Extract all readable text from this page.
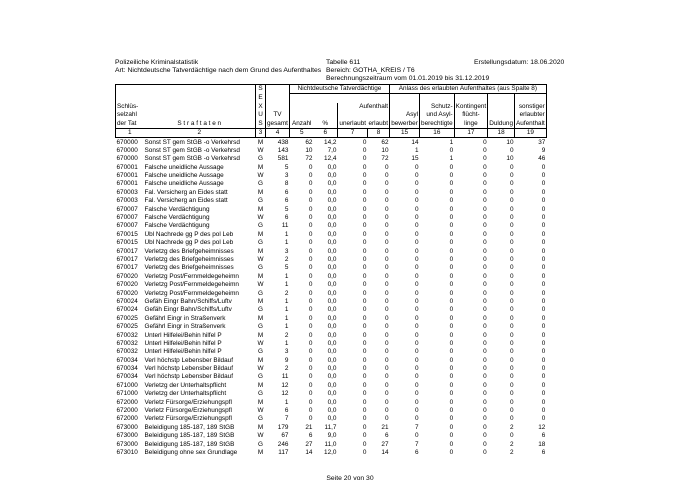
Polizeiliche Kriminalstatistik
Art: Nichtdeutsche Tatverdächtige nach dem Grund des Aufenthaltes
Tabelle 611
Bereich: GOTHA_KREIS / T6
Berechnungszeitraum vom 01.01.2019 bis 31.12.2019
Erstellungsdatum: 18.06.2020
		S		Nichtdeutsche Tatverdächtige				Anlass des erlaubten Aufenthaltes (aus Spalte 8)				
		E										
Schlüs-		X				Aufenthalt			Schutz-	Kontingent		sonstiger
selzahl		U	TV					Asyl	und Asyl-	flücht-		erlaubter
der Tat	S t r a f t a t e n	S	gesamt	Anzahl	%	unerlaubt	erlaubt	bewerber	berechtigte	linge	Duldung	Aufenthalt
1	2	3	4	5	6	7	8	15	16	17	18	19
670000	Sonst ST gem StGB -o Verkehrsd	M	438	62	14,2	0	62	14	1	0	10	37
670000	Sonst ST gem StGB -o Verkehrsd	W	143	10	7,0	0	10	1	0	0	0	9
670000	Sonst ST gem StGB -o Verkehrsd	G	581	72	12,4	0	72	15	1	0	10	46
670001	Falsche uneidliche Aussage	M	5	0	0,0	0	0	0	0	0	0	0
670001	Falsche uneidliche Aussage	W	3	0	0,0	0	0	0	0	0	0	0
670001	Falsche uneidliche Aussage	G	8	0	0,0	0	0	0	0	0	0	0
670003	Fal. Versicherg an Eides statt	M	6	0	0,0	0	0	0	0	0	0	0
670003	Fal. Versicherg an Eides statt	G	6	0	0,0	0	0	0	0	0	0	0
670007	Falsche Verdächtigung	M	5	0	0,0	0	0	0	0	0	0	0
670007	Falsche Verdächtigung	W	6	0	0,0	0	0	0	0	0	0	0
670007	Falsche Verdächtigung	G	11	0	0,0	0	0	0	0	0	0	0
670015	Übl Nachrede gg P des pol Leb	M	1	0	0,0	0	0	0	0	0	0	0
670015	Übl Nachrede gg P des pol Leb	G	1	0	0,0	0	0	0	0	0	0	0
670017	Verletzg des Briefgeheimnisses	M	3	0	0,0	0	0	0	0	0	0	0
670017	Verletzg des Briefgeheimnisses	W	2	0	0,0	0	0	0	0	0	0	0
670017	Verletzg des Briefgeheimnisses	G	5	0	0,0	0	0	0	0	0	0	0
670020	Verletzg Post/Fernmeldegeheimn	M	1	0	0,0	0	0	0	0	0	0	0
670020	Verletzg Post/Fernmeldegeheimn	W	1	0	0,0	0	0	0	0	0	0	0
670020	Verletzg Post/Fernmeldegeheimn	G	2	0	0,0	0	0	0	0	0	0	0
670024	Gefäh Eingr Bahn/Schiffs/Luftv	M	1	0	0,0	0	0	0	0	0	0	0
670024	Gefäh Eingr Bahn/Schiffs/Luftv	G	1	0	0,0	0	0	0	0	0	0	0
670025	Gefährl Eingr in Straßenverk	M	1	0	0,0	0	0	0	0	0	0	0
670025	Gefährl Eingr in Straßenverk	G	1	0	0,0	0	0	0	0	0	0	0
670032	Unterl Hilfelei/Behin hilfel P	M	2	0	0,0	0	0	0	0	0	0	0
670032	Unterl Hilfelei/Behin hilfel P	W	1	0	0,0	0	0	0	0	0	0	0
670032	Unterl Hilfelei/Behin hilfel P	G	3	0	0,0	0	0	0	0	0	0	0
670034	Verl höchstp Lebensber Bildauf	M	9	0	0,0	0	0	0	0	0	0	0
670034	Verl höchstp Lebensber Bildauf	W	2	0	0,0	0	0	0	0	0	0	0
670034	Verl höchstp Lebensber Bildauf	G	11	0	0,0	0	0	0	0	0	0	0
671000	Verletzg der Unterhaltspflicht	M	12	0	0,0	0	0	0	0	0	0	0
671000	Verletzg der Unterhaltspflicht	G	12	0	0,0	0	0	0	0	0	0	0
672000	Verletz Fürsorge/Erziehungspfl	M	1	0	0,0	0	0	0	0	0	0	0
672000	Verletz Fürsorge/Erziehungspfl	W	6	0	0,0	0	0	0	0	0	0	0
672000	Verletz Fürsorge/Erziehungspfl	G	7	0	0,0	0	0	0	0	0	0	0
673000	Beleidigung 185-187, 189 StGB	M	179	21	11,7	0	21	7	0	0	2	12
673000	Beleidigung 185-187, 189 StGB	W	67	6	9,0	0	6	0	0	0	0	6
673000	Beleidigung 185-187, 189 StGB	G	246	27	11,0	0	27	7	0	0	2	18
673010	Beleidigung ohne sex Grundlage	M	117	14	12,0	0	14	6	0	0	2	6
Seite 20 von 30
